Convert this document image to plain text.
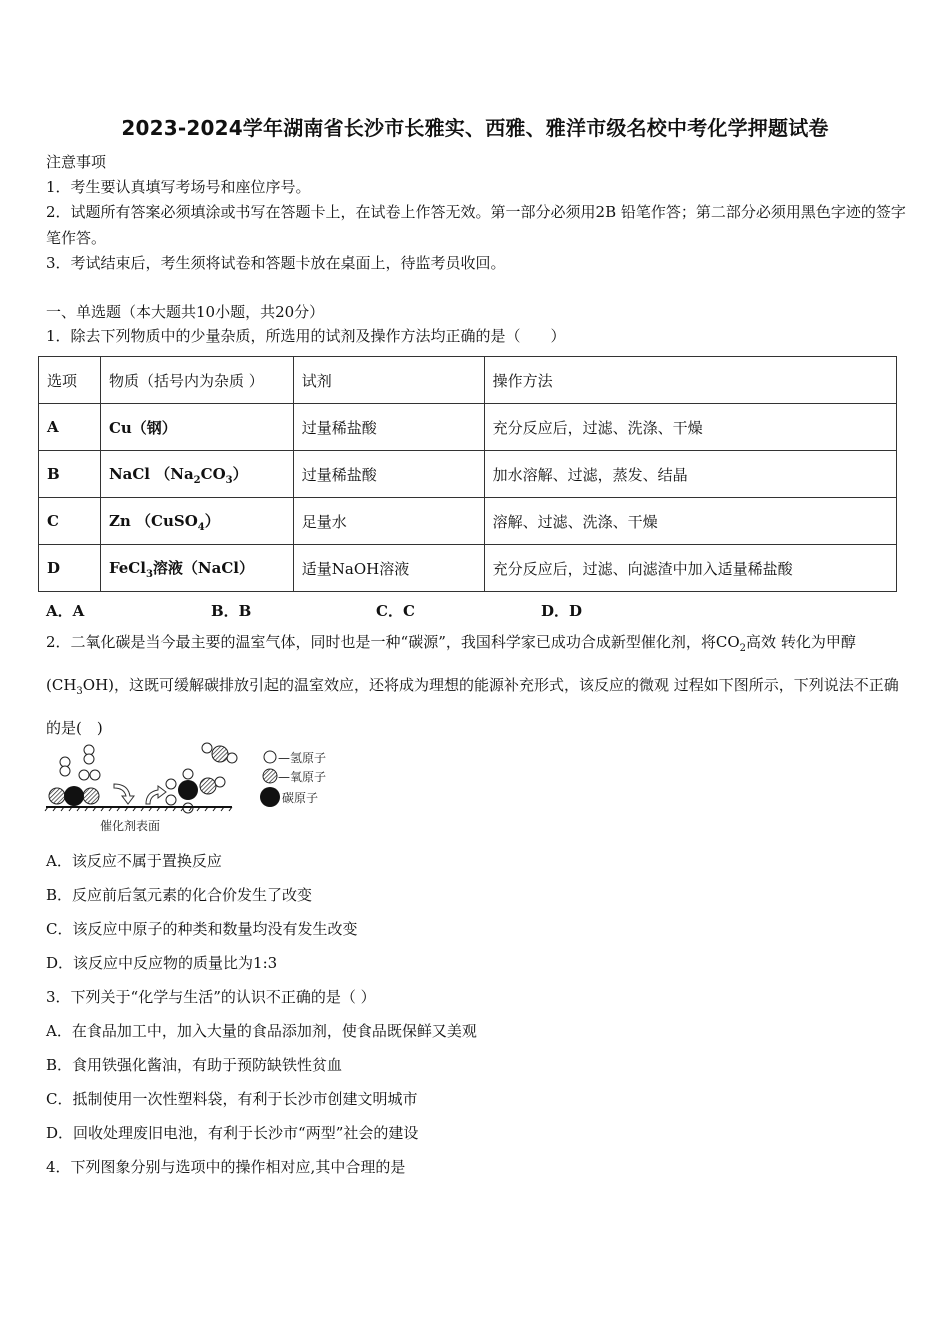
2023-2024学年湖南省长沙市长雅实、西雅、雅洋市级名校中考化学押题试卷
注意事项
1．考生要认真填写考场号和座位序号。
2．试题所有答案必须填涂或书写在答题卡上，在试卷上作答无效。第一部分必须用2B 铅笔作答；第二部分必须用黑色字迹的签字笔作答。
3．考试结束后，考生须将试卷和答题卡放在桌面上，待监考员收回。
一、单选题（本大题共10小题，共20分）
1．除去下列物质中的少量杂质，所选用的试剂及操作方法均正确的是（　　）
选项	物质（括号内为杂质 ）	试剂	操作方法
A	Cu（钢）	过量稀盐酸	充分反应后，过滤、洗涤、干燥
B	NaCl $(Na_2CO_3)$	过量稀盐酸	加水溶解、过滤，蒸发、结晶
C	Zn （CuSO$_4$）	足量水	溶解、过滤、洗涤、干燥
D	FeCl$_3$溶液（NaCl）	适量NaOH溶液	充分反应后，过滤、向滤渣中加入适量稀盐酸
A．A	B．B	C．C	D．D
2．二氧化碳是当今最主要的温室气体，同时也是一种“碳源”，我国科学家已成功合成新型催化剂，将$CO_2$高效 转化为甲醇$(CH_3OH)$，这既可缓解碳排放引起的温室效应，还将成为理想的能源补充形式，该反应的微观 过程如下图所示，下列说法不正确的是(　)
催化剂表面
—氢原子
—氧原子
碳原子
A．该反应不属于置换反应
B．反应前后氢元素的化合价发生了改变
C．该反应中原子的种类和数量均没有发生改变
D．该反应中反应物的质量比为1:3
3．下列关于“化学与生活”的认识不正确的是（ ）
A．在食品加工中，加入大量的食品添加剂，使食品既保鲜又美观
B．食用铁强化酱油，有助于预防缺铁性贫血
C．抵制使用一次性塑料袋，有利于长沙市创建文明城市
D．回收处理废旧电池，有利于长沙市“两型”社会的建设
4．下列图象分别与选项中的操作相对应,其中合理的是
